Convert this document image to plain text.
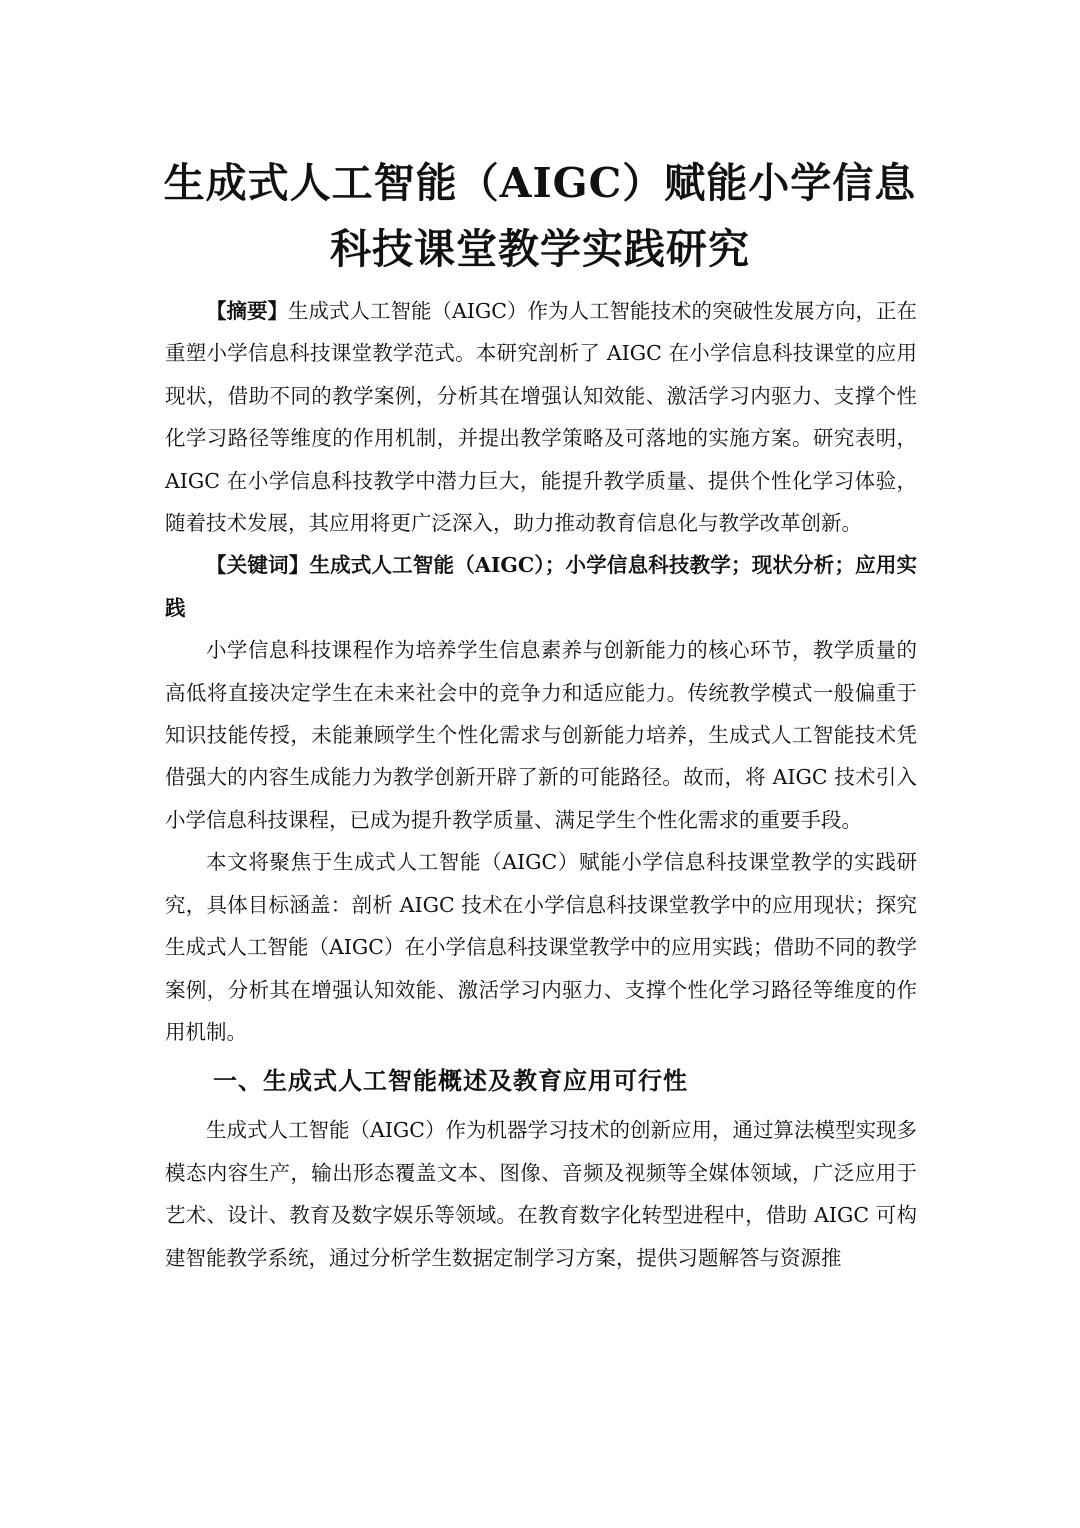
生成式人工智能（AIGC）赋能小学信息
科技课堂教学实践研究

【摘要】生成式人工智能（AIGC）作为人工智能技术的突破性发展方向，正在重塑小学信息科技课堂教学范式。本研究剖析了 AIGC 在小学信息科技课堂的应用现状，借助不同的教学案例，分析其在增强认知效能、激活学习内驱力、支撑个性化学习路径等维度的作用机制，并提出教学策略及可落地的实施方案。研究表明，AIGC 在小学信息科技教学中潜力巨大，能提升教学质量、提供个性化学习体验，随着技术发展，其应用将更广泛深入，助力推动教育信息化与教学改革创新。

【关键词】生成式人工智能（AIGC）；小学信息科技教学；现状分析；应用实践

小学信息科技课程作为培养学生信息素养与创新能力的核心环节，教学质量的高低将直接决定学生在未来社会中的竞争力和适应能力。传统教学模式一般偏重于知识技能传授，未能兼顾学生个性化需求与创新能力培养，生成式人工智能技术凭借强大的内容生成能力为教学创新开辟了新的可能路径。故而，将 AIGC 技术引入小学信息科技课程，已成为提升教学质量、满足学生个性化需求的重要手段。

本文将聚焦于生成式人工智能（AIGC）赋能小学信息科技课堂教学的实践研究，具体目标涵盖：剖析 AIGC 技术在小学信息科技课堂教学中的应用现状；探究生成式人工智能（AIGC）在小学信息科技课堂教学中的应用实践；借助不同的教学案例，分析其在增强认知效能、激活学习内驱力、支撑个性化学习路径等维度的作用机制。

一、生成式人工智能概述及教育应用可行性

生成式人工智能（AIGC）作为机器学习技术的创新应用，通过算法模型实现多模态内容生产，输出形态覆盖文本、图像、音频及视频等全媒体领域，广泛应用于艺术、设计、教育及数字娱乐等领域。在教育数字化转型进程中，借助 AIGC 可构建智能教学系统，通过分析学生数据定制学习方案，提供习题解答与资源推
